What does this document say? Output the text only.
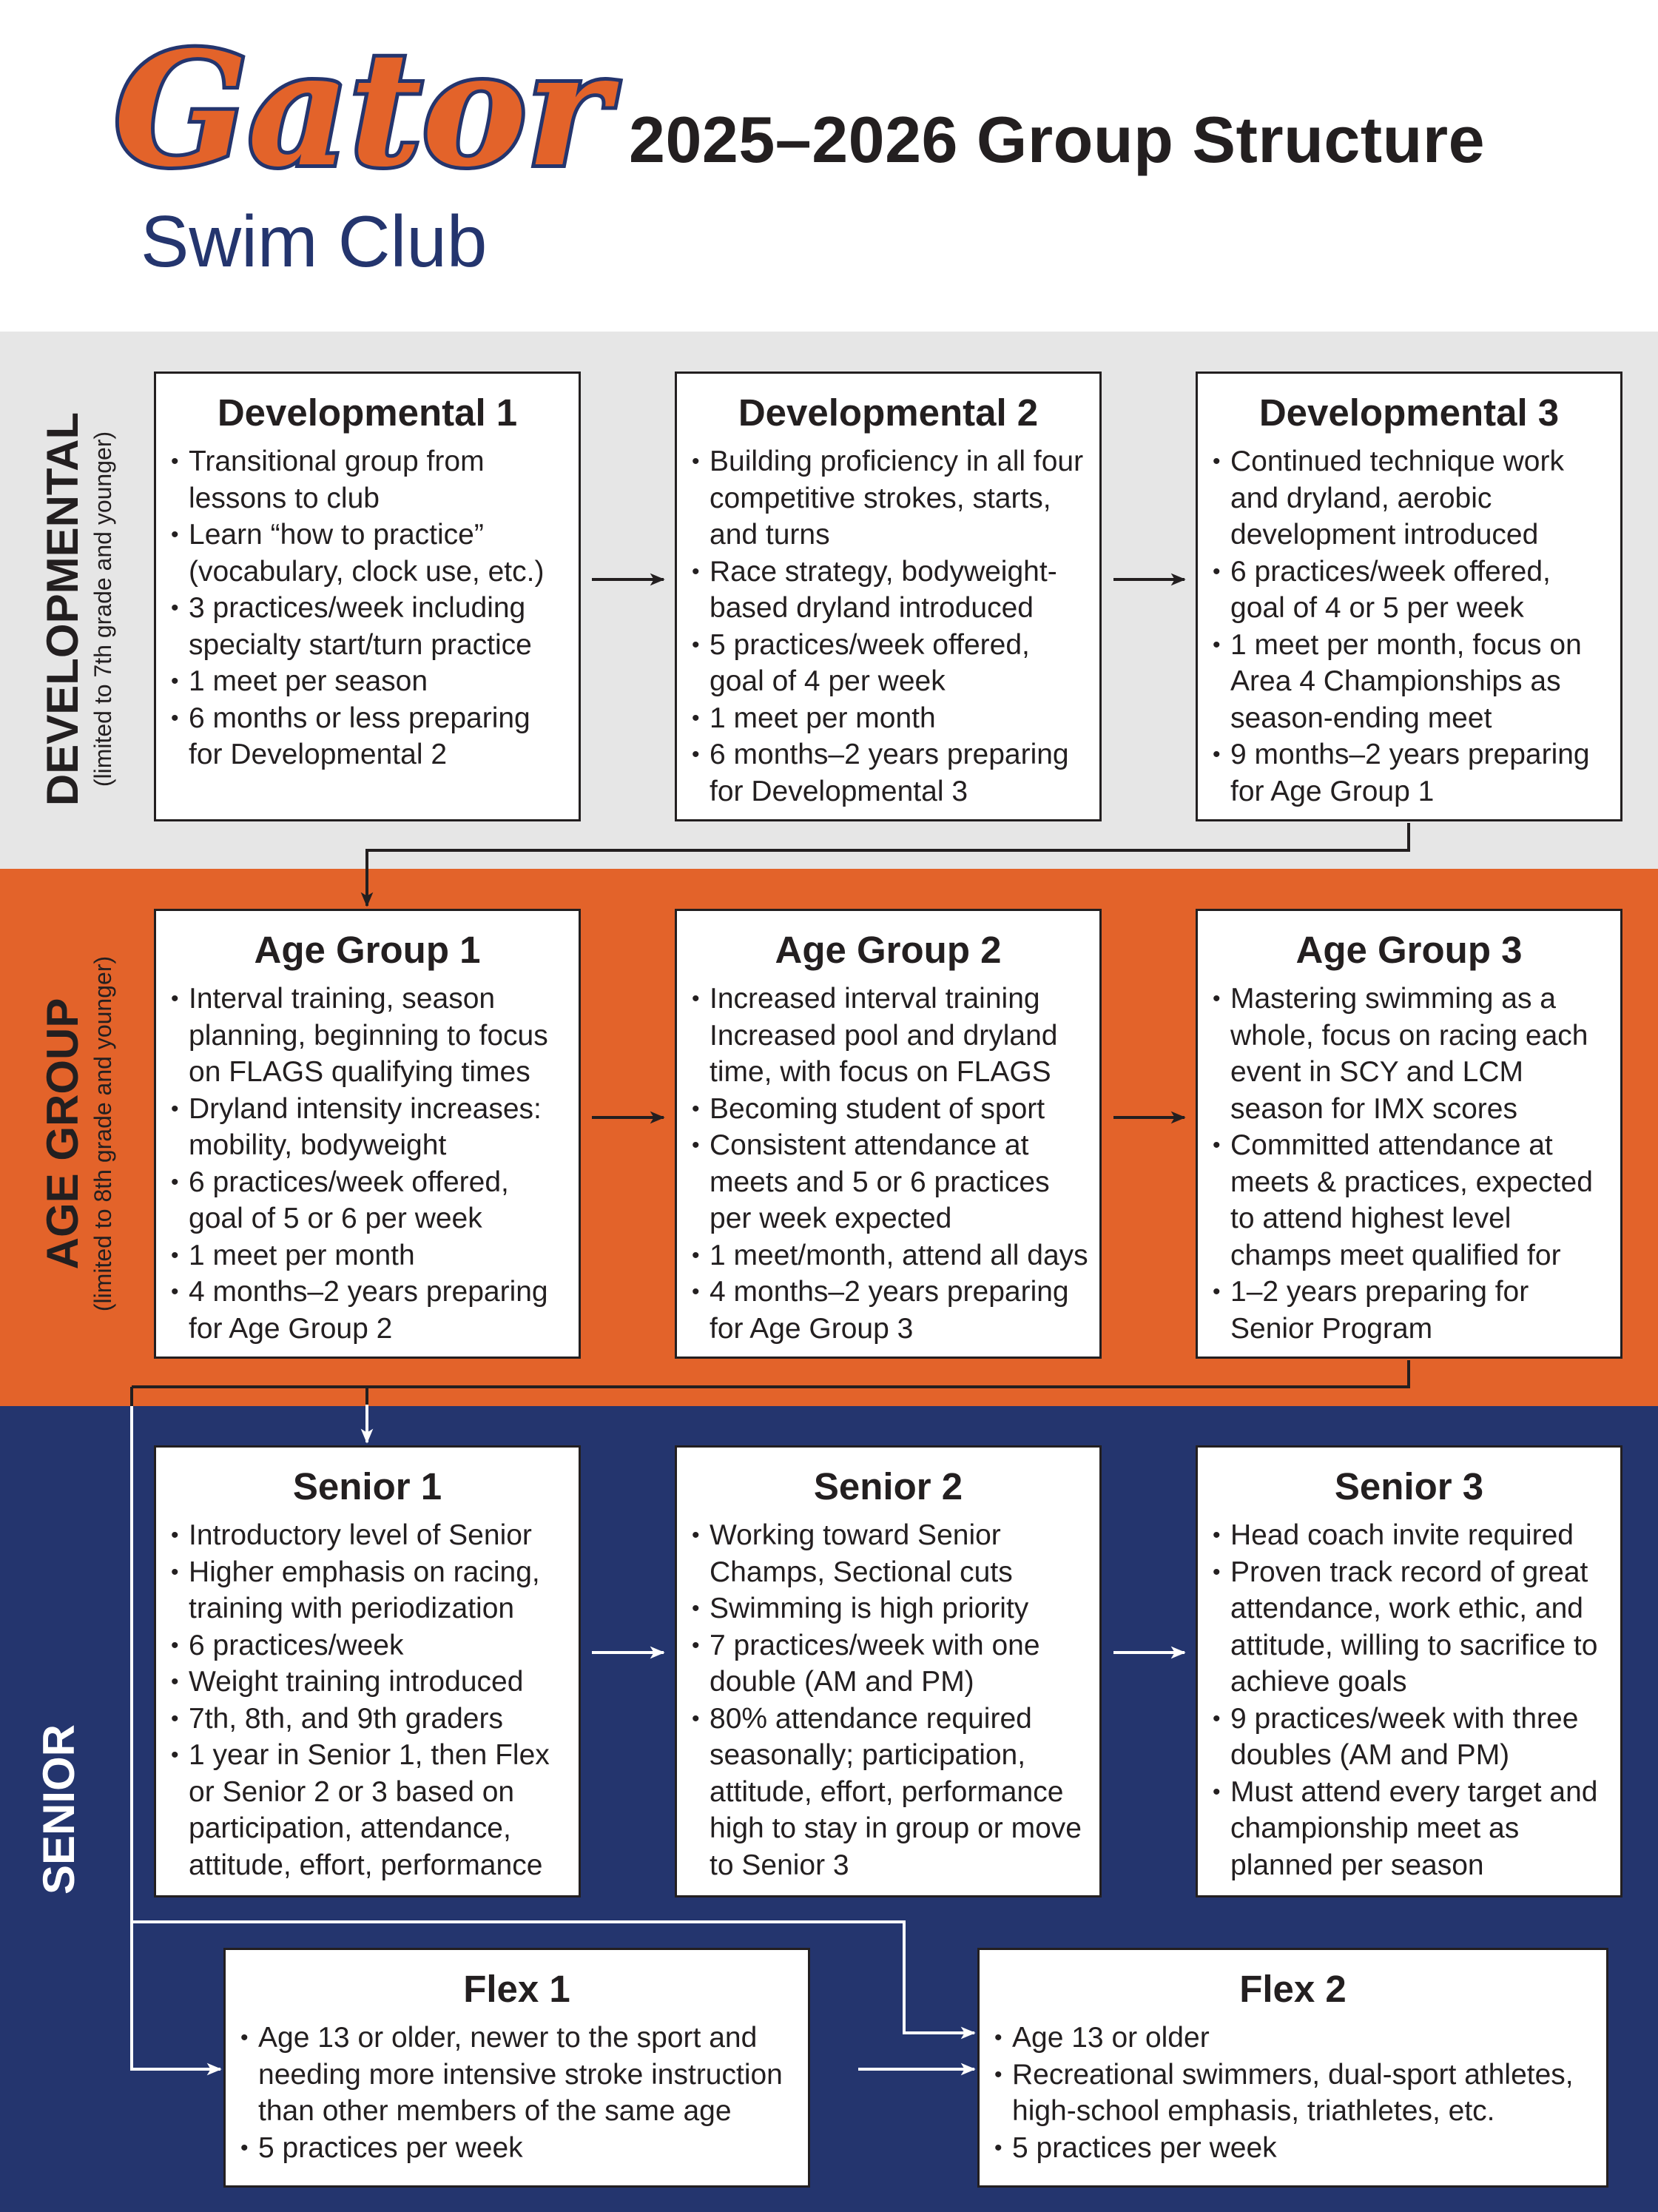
Gator
Swim Club
2025–2026 Group Structure
DEVELOPMENTAL (limited to 7th grade and younger)
AGE GROUP (limited to 8th grade and younger)
SENIOR
Developmental 1
• Transitional group from lessons to club
• Learn “how to practice” (vocabulary, clock use, etc.)
• 3 practices/week including specialty start/turn practice
• 1 meet per season
• 6 months or less preparing for Developmental 2
Developmental 2
• Building proficiency in all four competitive strokes, starts, and turns
• Race strategy, bodyweight-based dryland introduced
• 5 practices/week offered, goal of 4 per week
• 1 meet per month
• 6 months–2 years preparing for Developmental 3
Developmental 3
• Continued technique work and dryland, aerobic development introduced
• 6 practices/week offered, goal of 4 or 5 per week
• 1 meet per month, focus on Area 4 Championships as season-ending meet
• 9 months–2 years preparing for Age Group 1
Age Group 1
• Interval training, season planning, beginning to focus on FLAGS qualifying times
• Dryland intensity increases: mobility, bodyweight
• 6 practices/week offered, goal of 5 or 6 per week
• 1 meet per month
• 4 months–2 years preparing for Age Group 2
Age Group 2
• Increased interval training Increased pool and dryland time, with focus on FLAGS
• Becoming student of sport
• Consistent attendance at meets and 5 or 6 practices per week expected
• 1 meet/month, attend all days
• 4 months–2 years preparing for Age Group 3
Age Group 3
• Mastering swimming as a whole, focus on racing each event in SCY and LCM season for IMX scores
• Committed attendance at meets & practices, expected to attend highest level champs meet qualified for
• 1–2 years preparing for Senior Program
Senior 1
• Introductory level of Senior
• Higher emphasis on racing, training with periodization
• 6 practices/week
• Weight training introduced
• 7th, 8th, and 9th graders
• 1 year in Senior 1, then Flex or Senior 2 or 3 based on participation, attendance, attitude, effort, performance
Senior 2
• Working toward Senior Champs, Sectional cuts
• Swimming is high priority
• 7 practices/week with one double (AM and PM)
• 80% attendance required seasonally; participation, attitude, effort, performance high to stay in group or move to Senior 3
Senior 3
• Head coach invite required
• Proven track record of great attendance, work ethic, and attitude, willing to sacrifice to achieve goals
• 9 practices/week with three doubles (AM and PM)
• Must attend every target and championship meet as planned per season
Flex 1
• Age 13 or older, newer to the sport and needing more intensive stroke instruction than other members of the same age
• 5 practices per week
Flex 2
• Age 13 or older
• Recreational swimmers, dual-sport athletes, high-school emphasis, triathletes, etc.
• 5 practices per week
